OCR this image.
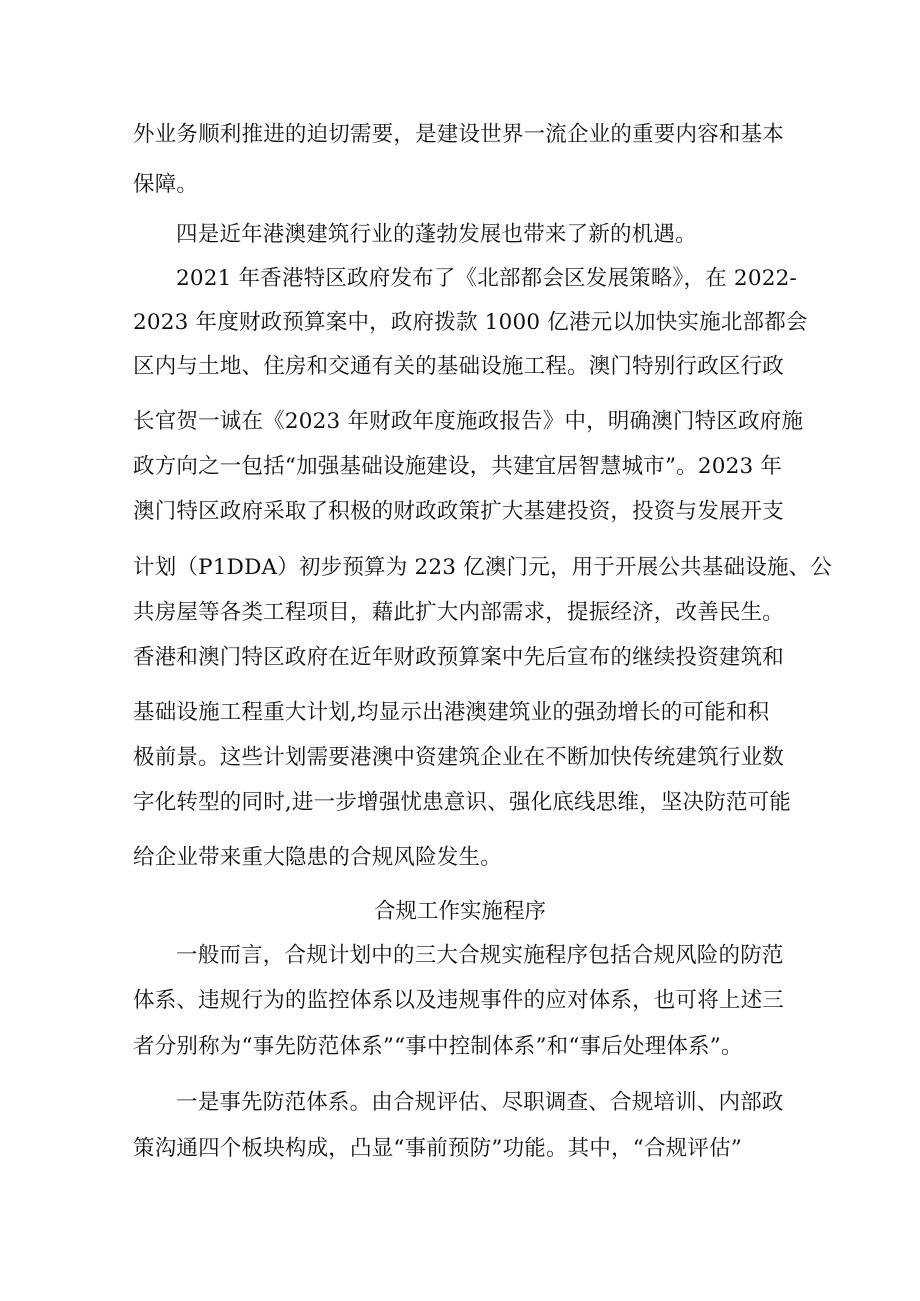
外业务顺利推进的迫切需要，是建设世界一流企业的重要内容和基本
保障。
四是近年港澳建筑行业的蓬勃发展也带来了新的机遇。
2021 年香港特区政府发布了《北部都会区发展策略》，在 2022-
2023 年度财政预算案中，政府拨款 1000 亿港元以加快实施北部都会
区内与土地、住房和交通有关的基础设施工程。澳门特别行政区行政
长官贺一诚在《2023 年财政年度施政报告》中，明确澳门特区政府施
政方向之一包括“加强基础设施建设，共建宜居智慧城市”。2023 年
澳门特区政府采取了积极的财政政策扩大基建投资，投资与发展开支
计划（P1DDA）初步预算为 223 亿澳门元，用于开展公共基础设施、公
共房屋等各类工程项目，藉此扩大内部需求，提振经济，改善民生。
香港和澳门特区政府在近年财政预算案中先后宣布的继续投资建筑和
基础设施工程重大计划,均显示出港澳建筑业的强劲增长的可能和积
极前景。这些计划需要港澳中资建筑企业在不断加快传统建筑行业数
字化转型的同时,进一步增强忧患意识、强化底线思维，坚决防范可能
给企业带来重大隐患的合规风险发生。
合规工作实施程序
一般而言，合规计划中的三大合规实施程序包括合规风险的防范
体系、违规行为的监控体系以及违规事件的应对体系，也可将上述三
者分别称为“事先防范体系”“事中控制体系”和“事后处理体系”。
一是事先防范体系。由合规评估、尽职调查、合规培训、内部政
策沟通四个板块构成，凸显“事前预防”功能。其中，“合规评估”
